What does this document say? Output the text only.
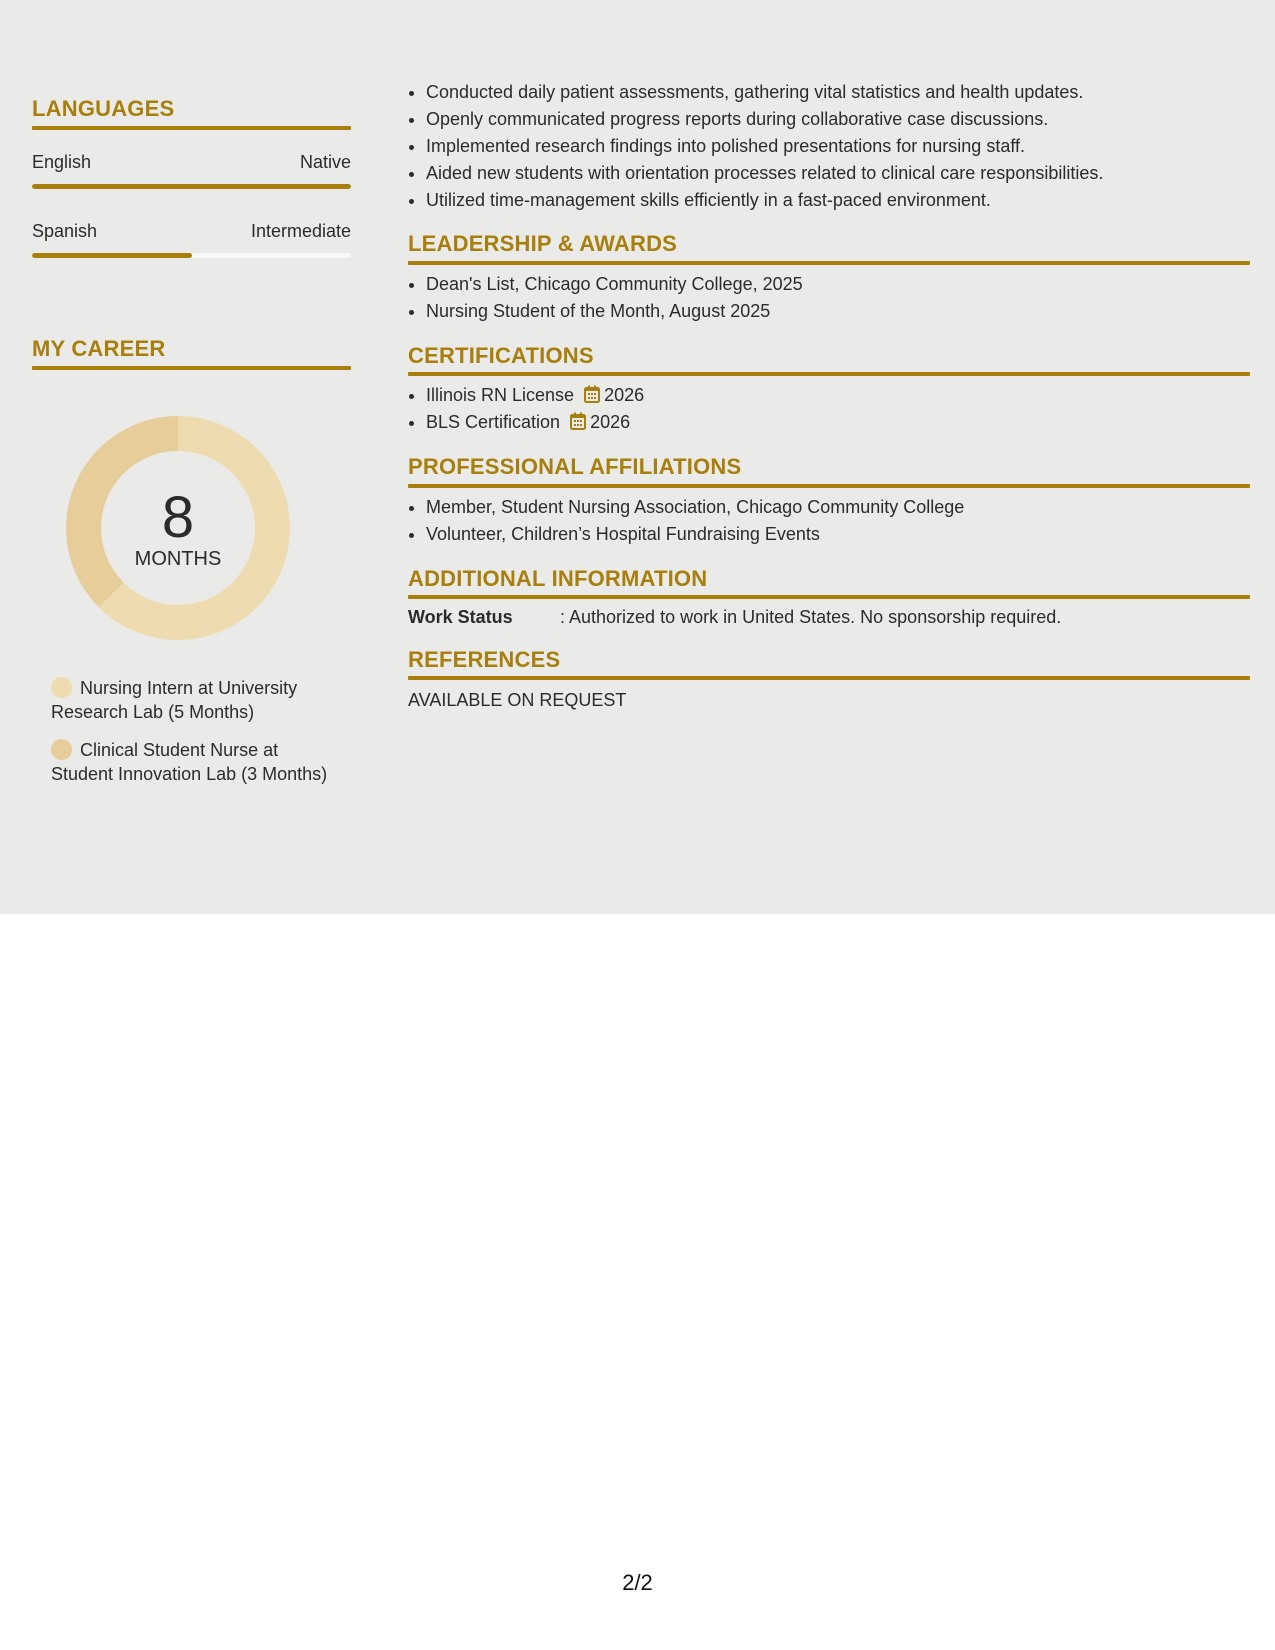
LANGUAGES
English	Native
Spanish	Intermediate
MY CAREER
8
MONTHS
Nursing Intern at University Research Lab (5 Months)
Clinical Student Nurse at Student Innovation Lab (3 Months)
• Conducted daily patient assessments, gathering vital statistics and health updates.
• Openly communicated progress reports during collaborative case discussions.
• Implemented research findings into polished presentations for nursing staff.
• Aided new students with orientation processes related to clinical care responsibilities.
• Utilized time-management skills efficiently in a fast-paced environment.
LEADERSHIP & AWARDS
• Dean's List, Chicago Community College, 2025
• Nursing Student of the Month, August 2025
CERTIFICATIONS
• Illinois RN License 2026
• BLS Certification 2026
PROFESSIONAL AFFILIATIONS
• Member, Student Nursing Association, Chicago Community College
• Volunteer, Children’s Hospital Fundraising Events
ADDITIONAL INFORMATION
Work Status	: Authorized to work in United States. No sponsorship required.
REFERENCES
AVAILABLE ON REQUEST
2/2
